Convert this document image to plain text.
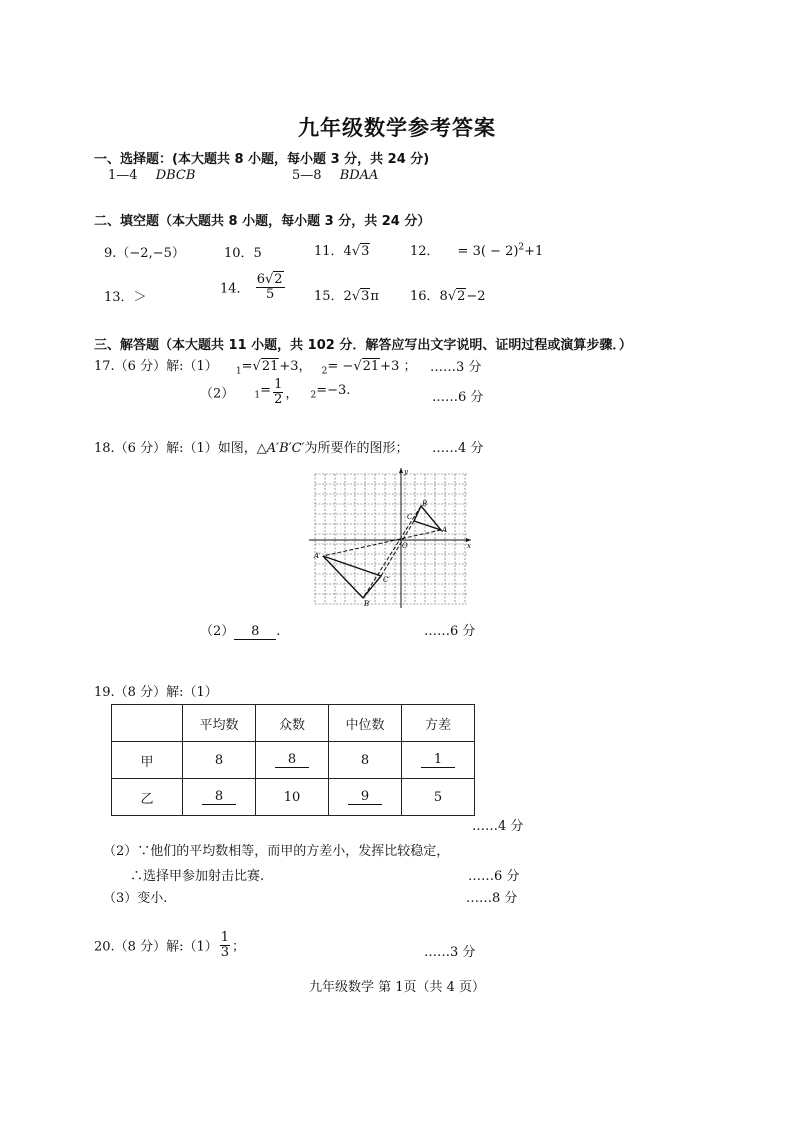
九年级数学参考答案
一、选择题：(本大题共 8 小题，每小题 3 分，共 24 分)
1—4 DBCB	5—8 BDAA
二、填空题（本大题共 8 小题，每小题 3 分，共 24 分）
9.（−2,−5）	10．5	11．4√3	12． = $3( - 2)^2+1$
13．＞
14． $\frac{6√2}{5} 15$．2√3π 16．8√2−2
三、解答题（本大题共 11 小题，共 102 分．解答应写出文字说明、证明过程或演算步骤．）
17.（6 分）解:（1） $_1$=√21+3， $_2$= −√21+3 ； ……3 分
（2） $_1= \frac{1}{2}$ ， $_2$=−3.	……6 分
18.（6 分）解:（1）如图，△A′B′C′为所要作的图形； ……4 分
x
y
O
B
A
C
A′
B′
C′
（2） 8 .	……6 分
19.（8 分）解:（1）
	平均数	众数	中位数	方差
甲	8	8	8	1
乙	8	10	9	5
……4 分
（2）∵他们的平均数相等，而甲的方差小，发挥比较稳定，
∴选择甲参加射击比赛.	……6 分
（3）变小.	……8 分
20.（8 分）解:（1） $\frac{1}{3}$ ；	……3 分
九年级数学 第 1页（共 4 页）
